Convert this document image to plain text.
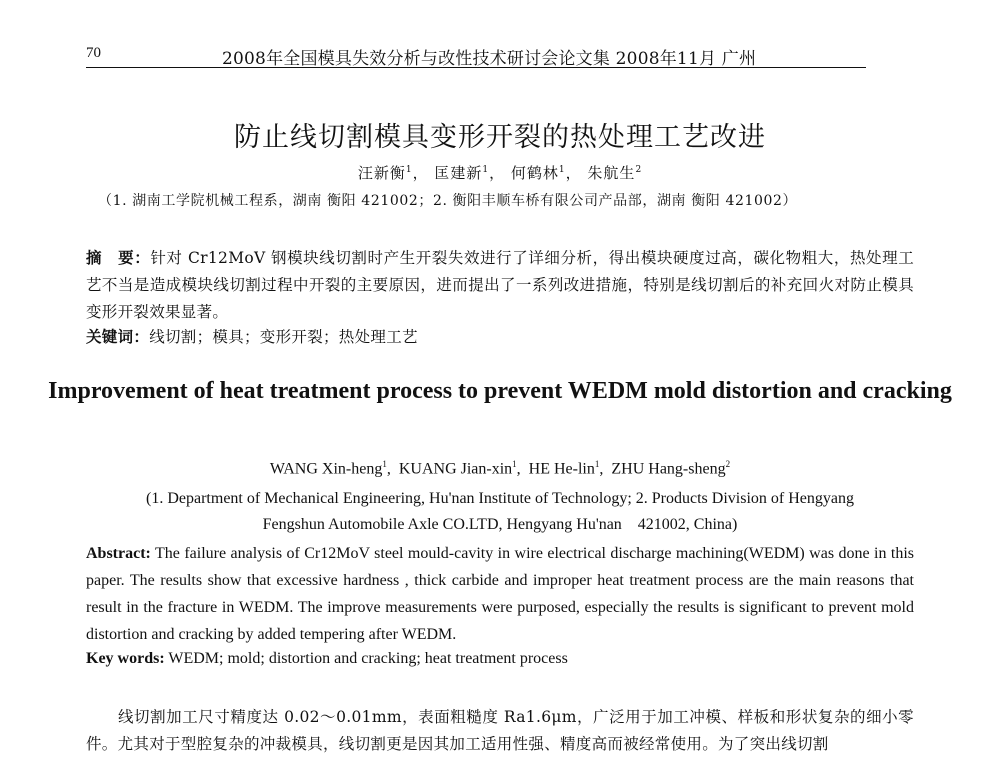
70	2008年全国模具失效分析与改性技术研讨会论文集 2008年11月 广州
防止线切割模具变形开裂的热处理工艺改进
汪新衡$^1$， 匡建新$^1$， 何鹤林$^1$， 朱航生$^2$
（1. 湖南工学院机械工程系，湖南 衡阳 421002；2. 衡阳丰顺车桥有限公司产品部，湖南 衡阳 421002）
摘　要：针对 Cr12MoV 钢模块线切割时产生开裂失效进行了详细分析，得出模块硬度过高，碳化物粗大，热处理工艺不当是造成模块线切割过程中开裂的主要原因，进而提出了一系列改进措施，特别是线切割后的补充回火对防止模具变形开裂效果显著。
关键词：线切割；模具；变形开裂；热处理工艺
Improvement of heat treatment process to prevent WEDM mold distortion and cracking
WANG Xin-heng$^1$,  KUANG Jian-xin$^1$,  HE He-lin$^1$,  ZHU Hang-sheng$^2$
(1. Department of Mechanical Engineering, Hu'nan Institute of Technology; 2. Products Division of Hengyang
Fengshun Automobile Axle CO.LTD, Hengyang Hu'nan　421002, China)
Abstract: The failure analysis of Cr12MoV steel mould-cavity in wire electrical discharge machining(WEDM) was done in this paper. The results show that excessive hardness , thick carbide and improper heat treatment process are the main reasons that result in the fracture in WEDM. The improve measurements were purposed, especially the results is significant to prevent mold distortion and cracking by added tempering after WEDM.
Key words: WEDM; mold; distortion and cracking; heat treatment process
线切割加工尺寸精度达 0.02～0.01mm，表面粗糙度 Ra1.6μm，广泛用于加工冲模、样板和形状复杂的细小零件。尤其对于型腔复杂的冲裁模具，线切割更是因其加工适用性强、精度高而被经常使用。为了突出线切割
